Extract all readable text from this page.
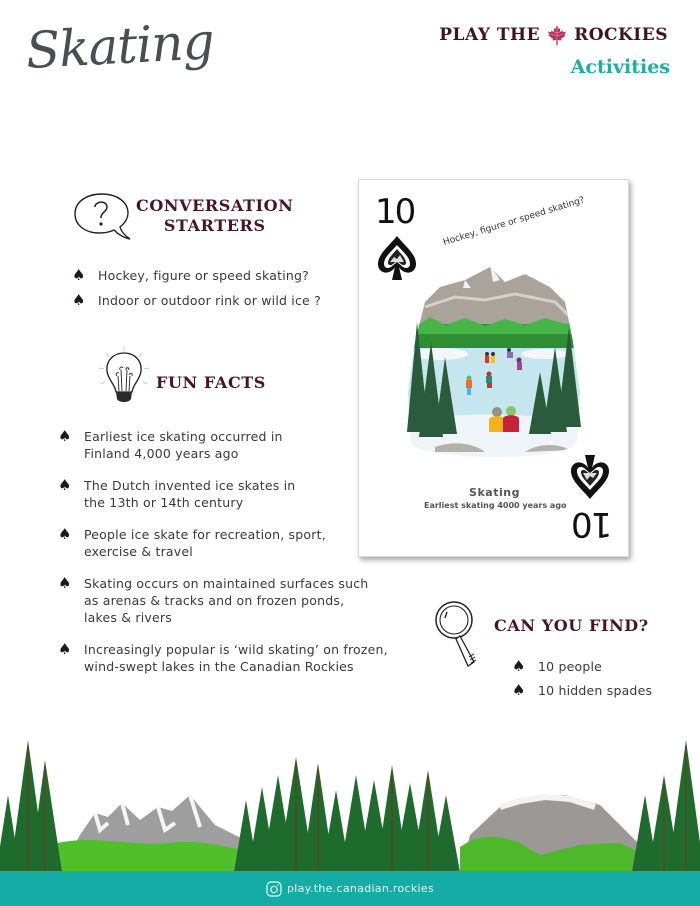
Skating	PLAY THE ROCKIES
Activities
CONVERSATION
STARTERS
♠ Hockey, figure or speed skating?
♠ Indoor or outdoor rink or wild ice ?
FUN FACTS
♠ Earliest ice skating occurred in
Finland 4,000 years ago
♠ The Dutch invented ice skates in
the 13th or 14th century
♠ People ice skate for recreation, sport,
exercise & travel
♠ Skating occurs on maintained surfaces such
as arenas & tracks and on frozen ponds,
lakes & rivers
♠ Increasingly popular is ‘wild skating’ on frozen,
wind-swept lakes in the Canadian Rockies
10	Hockey, figure or speed skating?
Skating
Earliest skating 4000 years ago 10
CAN YOU FIND?
♠ 10 people
♠ 10 hidden spades
play.the.canadian.rockies
